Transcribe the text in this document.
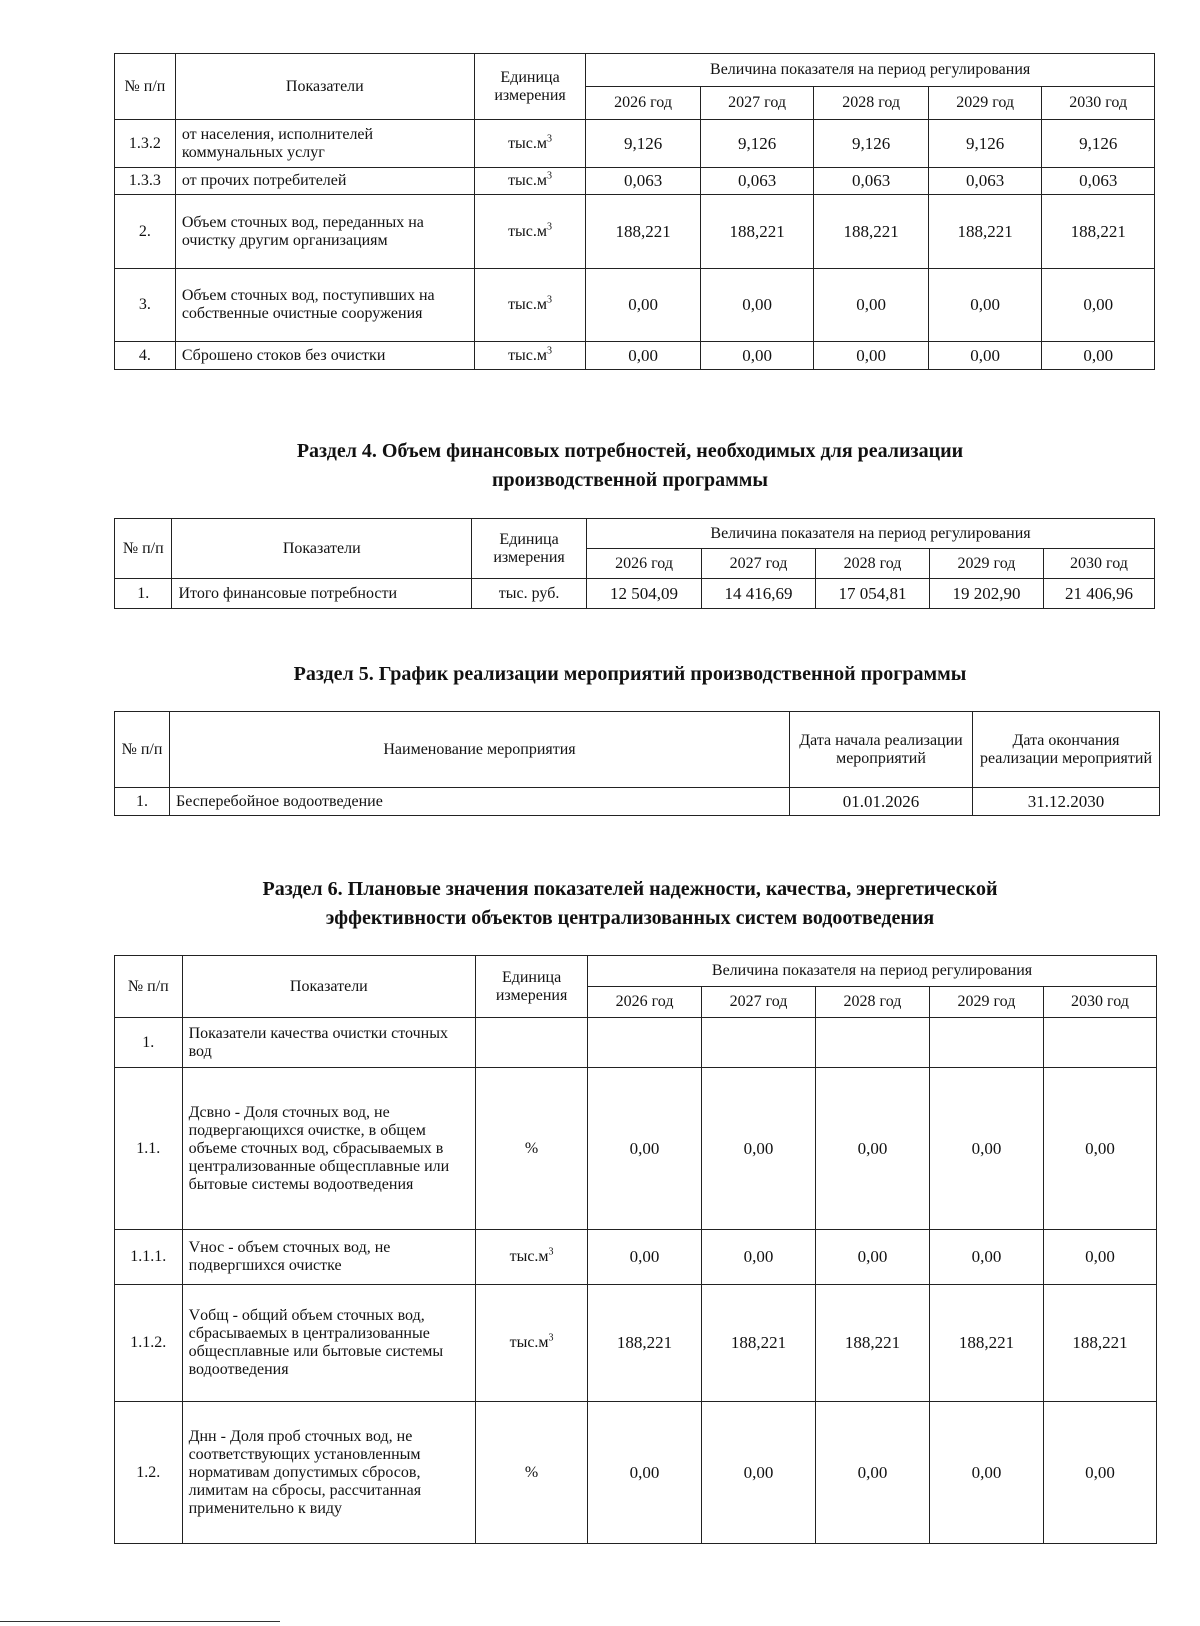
№ п/п	Показатели	Единица измерения	Величина показателя на период регулирования				
			2026 год	2027 год	2028 год	2029 год	2030 год
1.3.2	от населения, исполнителей коммунальных услуг	$тыс.м^3$	9,126	9,126	9,126	9,126	9,126
1.3.3	от прочих потребителей	$тыс.м^3$	0,063	0,063	0,063	0,063	0,063
2.	Объем сточных вод, переданных на очистку другим организациям	$тыс.м^3$	188,221	188,221	188,221	188,221	188,221
3.	Объем сточных вод, поступивших на собственные очистные сооружения	$тыс.м^3$	0,00	0,00	0,00	0,00	0,00
4.	Сброшено стоков без очистки	$тыс.м^3$	0,00	0,00	0,00	0,00	0,00
Раздел 4. Объем финансовых потребностей, необходимых для реализации
производственной программы
№ п/п	Показатели	Единица измерения	Величина показателя на период регулирования				
			2026 год	2027 год	2028 год	2029 год	2030 год
1.	Итого финансовые потребности	тыс. руб.	12 504,09	14 416,69	17 054,81	19 202,90	21 406,96
Раздел 5. График реализации мероприятий производственной программы
№ п/п	Наименование мероприятия	Дата начала реализации мероприятий	Дата окончания реализации мероприятий
1.	Бесперебойное водоотведение	01.01.2026	31.12.2030
Раздел 6. Плановые значения показателей надежности, качества, энергетической
эффективности объектов централизованных систем водоотведения
№ п/п	Показатели	Единица измерения	Величина показателя на период регулирования				
			2026 год	2027 год	2028 год	2029 год	2030 год
1.	Показатели качества очистки сточных вод						
1.1.	Дсвно - Доля сточных вод, не подвергающихся очистке, в общем объеме сточных вод, сбрасываемых в централизованные общесплавные или бытовые системы водоотведения	%	0,00	0,00	0,00	0,00	0,00
1.1.1.	Vнос - объем сточных вод, не подвергшихся очистке	$тыс.м^3$	0,00	0,00	0,00	0,00	0,00
1.1.2.	Vобщ - общий объем сточных вод, сбрасываемых в централизованные общесплавные или бытовые системы водоотведения	$тыс.м^3$	188,221	188,221	188,221	188,221	188,221
1.2.	Днн - Доля проб сточных вод, не соответствующих установленным нормативам допустимых сбросов, лимитам на сбросы, рассчитанная применительно к виду	%	0,00	0,00	0,00	0,00	0,00
